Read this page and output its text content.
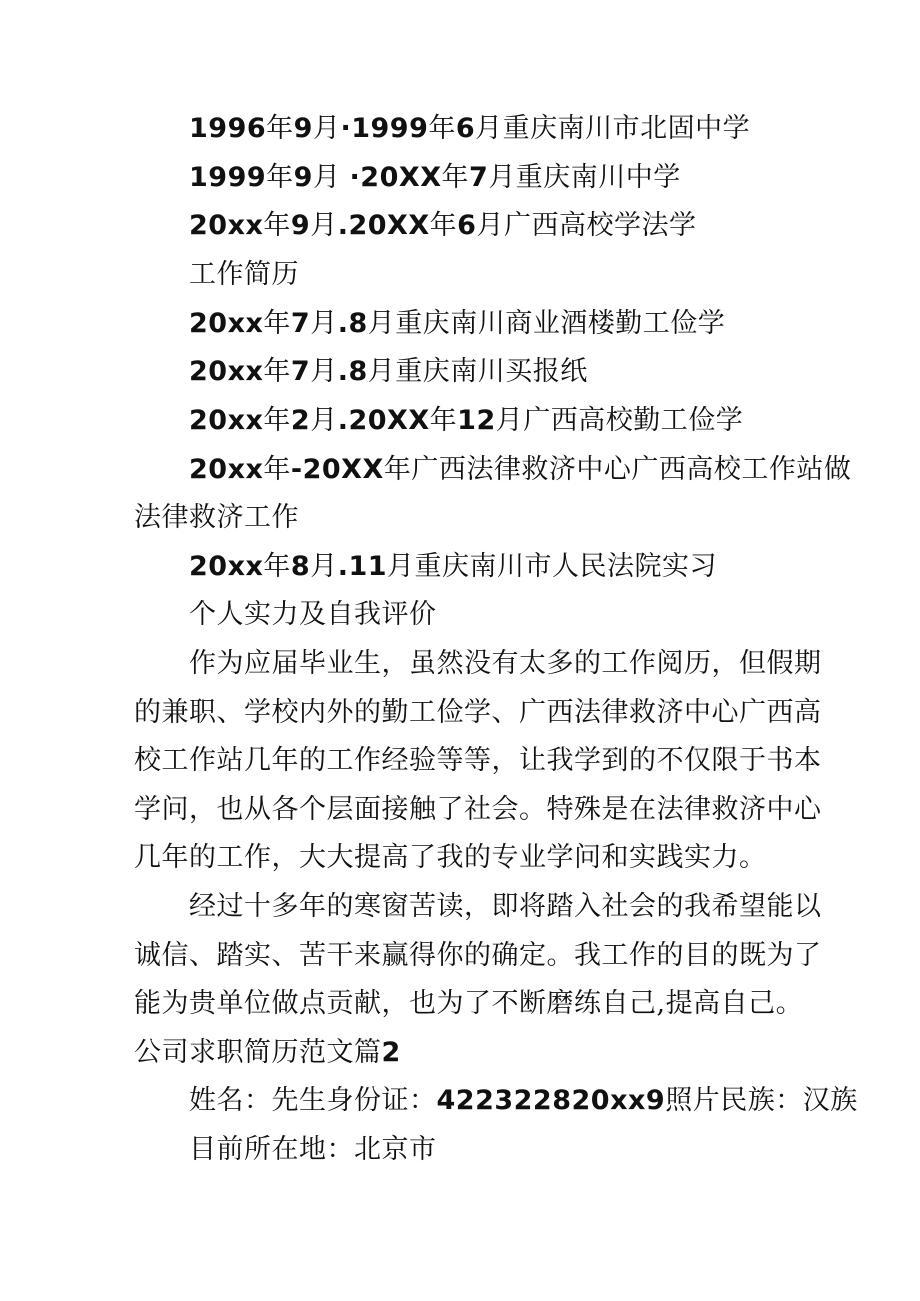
1996年9月·1999年6月重庆南川市北固中学
1999年9月 ·20XX年7月重庆南川中学
20xx年9月.20XX年6月广西高校学法学
工作简历
20xx年7月.8月重庆南川商业酒楼勤工俭学
20xx年7月.8月重庆南川买报纸
20xx年2月.20XX年12月广西高校勤工俭学
20xx年-20XX年广西法律救济中心广西高校工作站做
法律救济工作
20xx年8月.11月重庆南川市人民法院实习
个人实力及自我评价
作为应届毕业生，虽然没有太多的工作阅历，但假期
的兼职、学校内外的勤工俭学、广西法律救济中心广西高
校工作站几年的工作经验等等，让我学到的不仅限于书本
学问，也从各个层面接触了社会。特殊是在法律救济中心
几年的工作，大大提高了我的专业学问和实践实力。
经过十多年的寒窗苦读，即将踏入社会的我希望能以
诚信、踏实、苦干来赢得你的确定。我工作的目的既为了
能为贵单位做点贡献，也为了不断磨练自己,提高自己。
公司求职简历范文篇2
姓名：先生身份证：422322820xx9照片民族：汉族
目前所在地：北京市
